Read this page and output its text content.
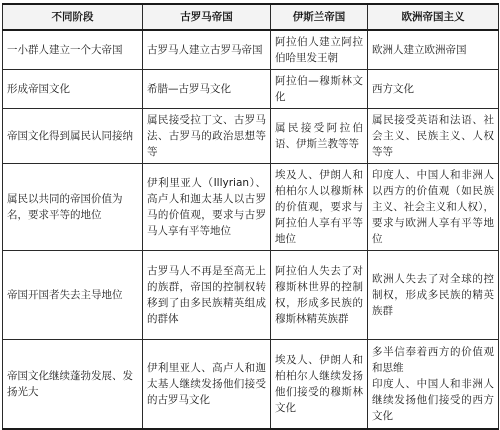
不同阶段	古罗马帝国	伊斯兰帝国	欧洲帝国主义
一小群人建立一个大帝国	古罗马人建立古罗马帝国	阿拉伯人建立阿拉伯哈里发王朝	欧洲人建立欧洲帝国
形成帝国文化	希腊—古罗马文化	阿拉伯—穆斯林文化	西方文化
帝国文化得到属民认同接纳	属民接受拉丁文、古罗马法、古罗马的政治思想等等	属民接受阿拉伯语、伊斯兰教等等	属民接受英语和法语、社会主义、民族主义、人权等等
属民以共同的帝国价值为名，要求平等的地位	伊利里亚人（Illyrian）、高卢人和迦太基人以古罗马的价值观，要求与古罗马人享有平等地位	埃及人、伊朗人和柏柏尔人以穆斯林的价值观，要求与阿拉伯人享有平等地位	印度人、中国人和非洲人以西方的价值观（如民族主义、社会主义和人权），要求与欧洲人享有平等地位
帝国开国者失去主导地位	古罗马人不再是至高无上的族群，帝国的控制权转移到了由多民族精英组成的群体	阿拉伯人失去了对穆斯林世界的控制权，形成多民族的穆斯林精英族群	欧洲人失去了对全球的控制权，形成多民族的精英族群
帝国文化继续蓬勃发展、发扬光大	伊利里亚人、高卢人和迦太基人继续发扬他们接受的古罗马文化	埃及人、伊朗人和柏柏尔人继续发扬他们接受的穆斯林文化	多半信奉着西方的价值观和思维
印度人、中国人和非洲人继续发扬他们接受的西方文化
